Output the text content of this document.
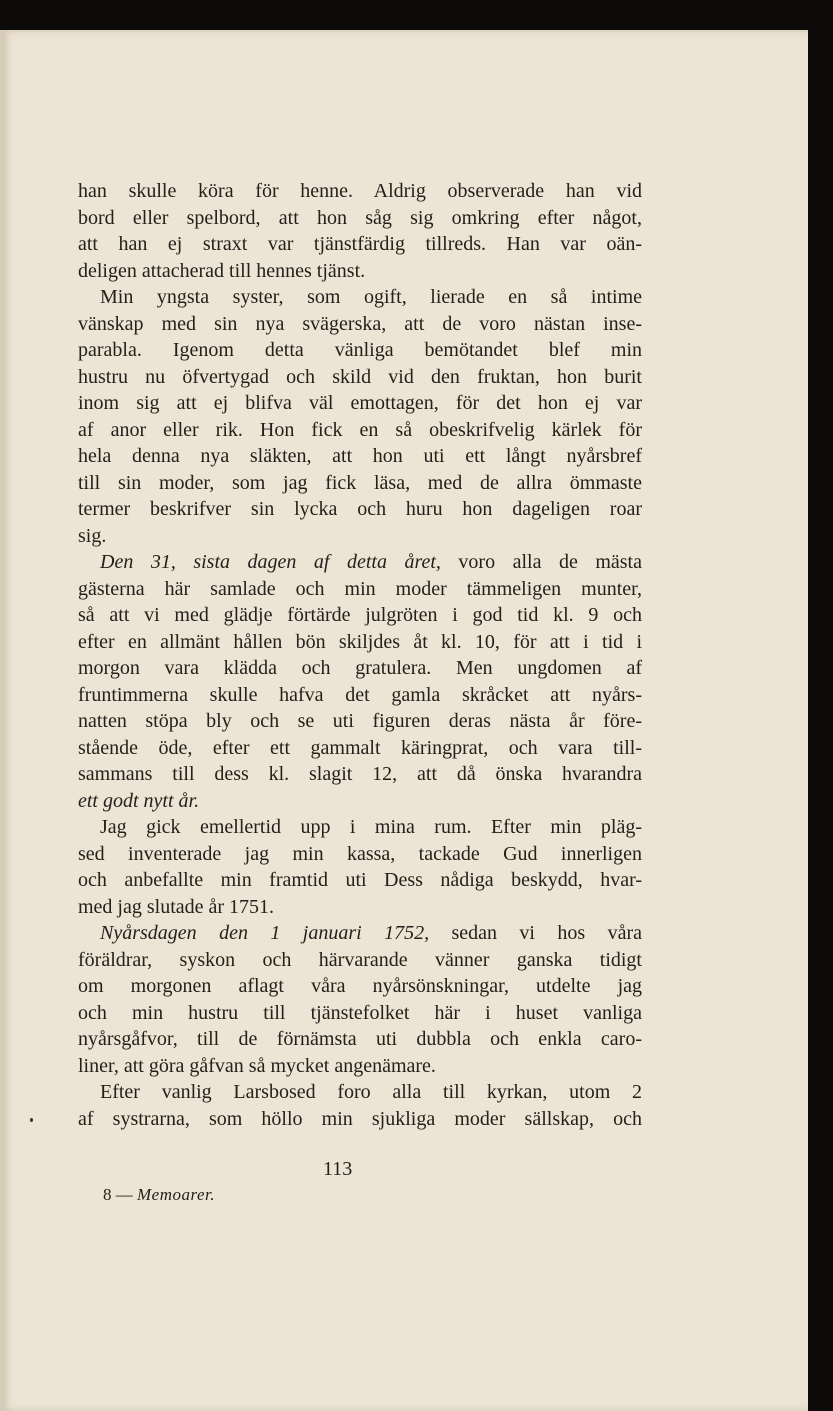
han skulle köra för henne. Aldrig observerade han vid
bord eller spelbord, att hon såg sig omkring efter något,
att han ej straxt var tjänstfärdig tillreds. Han var oän-
deligen attacherad till hennes tjänst.
Min yngsta syster, som ogift, lierade en så intime
vänskap med sin nya svägerska, att de voro nästan inse-
parabla. Igenom detta vänliga bemötandet blef min
hustru nu öfvertygad och skild vid den fruktan, hon burit
inom sig att ej blifva väl emottagen, för det hon ej var
af anor eller rik. Hon fick en så obeskrifvelig kärlek för
hela denna nya släkten, att hon uti ett långt nyårsbref
till sin moder, som jag fick läsa, med de allra ömmaste
termer beskrifver sin lycka och huru hon dageligen roar
sig.
Den 31, sista dagen af detta året, voro alla de mästa
gästerna här samlade och min moder tämmeligen munter,
så att vi med glädje förtärde julgröten i god tid kl. 9 och
efter en allmänt hållen bön skiljdes åt kl. 10, för att i tid i
morgon vara klädda och gratulera. Men ungdomen af
fruntimmerna skulle hafva det gamla skråcket att nyårs-
natten stöpa bly och se uti figuren deras nästa år före-
stående öde, efter ett gammalt käringprat, och vara till-
sammans till dess kl. slagit 12, att då önska hvarandra
ett godt nytt år.
Jag gick emellertid upp i mina rum. Efter min pläg-
sed inventerade jag min kassa, tackade Gud innerligen
och anbefallte min framtid uti Dess nådiga beskydd, hvar-
med jag slutade år 1751.
Nyårsdagen den 1 januari 1752, sedan vi hos våra
föräldrar, syskon och härvarande vänner ganska tidigt
om morgonen aflagt våra nyårsönskningar, utdelte jag
och min hustru till tjänstefolket här i huset vanliga
nyårsgåfvor, till de förnämsta uti dubbla och enkla caro-
liner, att göra gåfvan så mycket angenämare.
Efter vanlig Larsbosed foro alla till kyrkan, utom 2
af systrarna, som höllo min sjukliga moder sällskap, och
113
8 — Memoarer.
